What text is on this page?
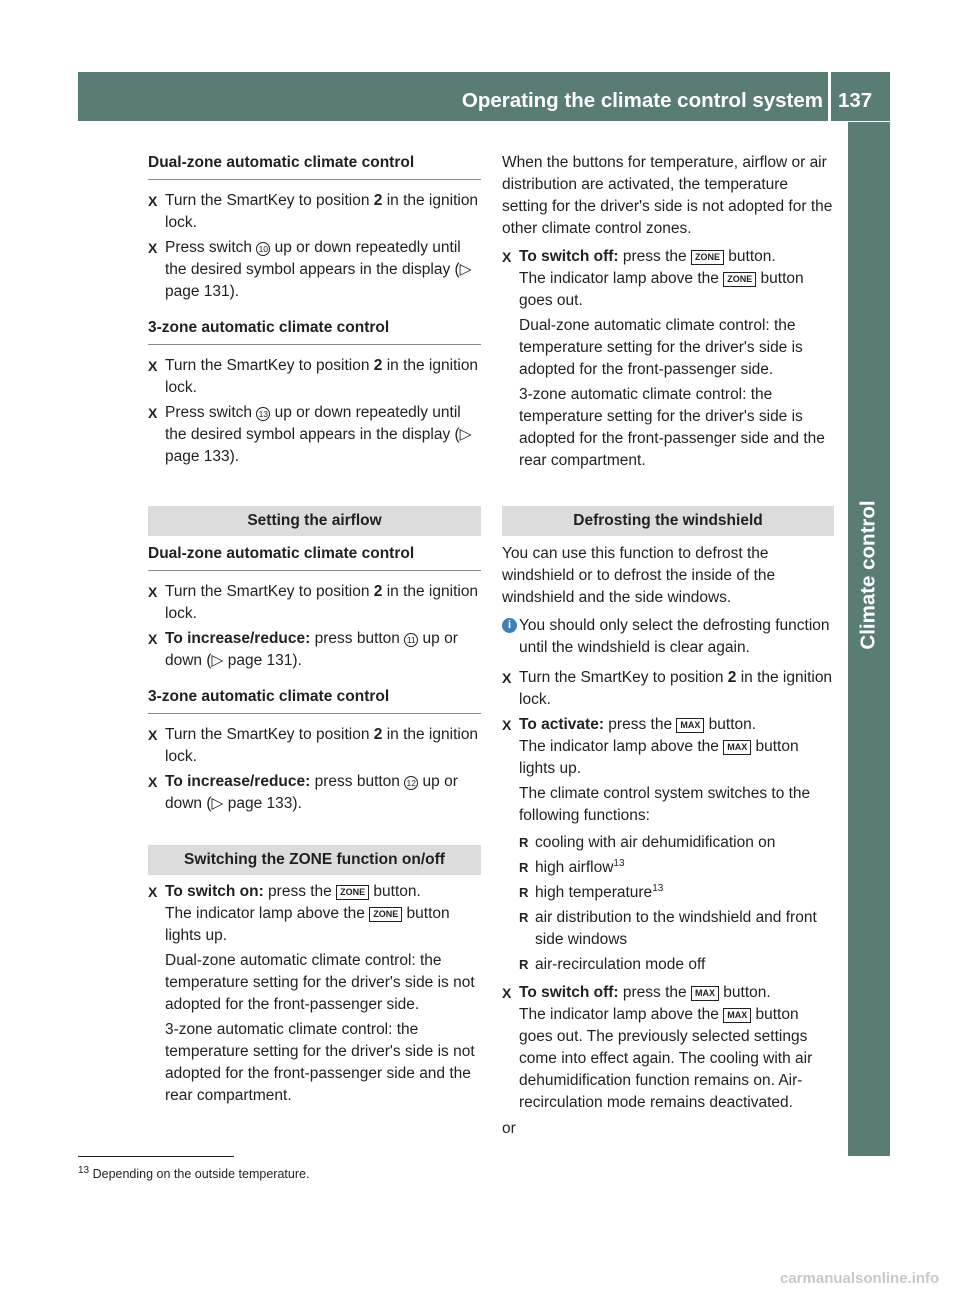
Operating the climate control system 137
Climate control
Dual-zone automatic climate control
X Turn the SmartKey to position 2 in the ignition lock.
X Press switch 10 up or down repeatedly until the desired symbol appears in the display (▷ page 131).
3-zone automatic climate control
X Turn the SmartKey to position 2 in the ignition lock.
X Press switch 13 up or down repeatedly until the desired symbol appears in the display (▷ page 133).
Setting the airflow
Dual-zone automatic climate control
X Turn the SmartKey to position 2 in the ignition lock.
X To increase/reduce: press button 11 up or down (▷ page 131).
3-zone automatic climate control
X Turn the SmartKey to position 2 in the ignition lock.
X To increase/reduce: press button 12 up or down (▷ page 133).
Switching the ZONE function on/off
X To switch on: press the ZONE button.
The indicator lamp above the ZONE button lights up.
Dual-zone automatic climate control: the temperature setting for the driver's side is not adopted for the front-passenger side.
3-zone automatic climate control: the temperature setting for the driver's side is not adopted for the front-passenger side and the rear compartment.
When the buttons for temperature, airflow or air distribution are activated, the temperature setting for the driver's side is not adopted for the other climate control zones.
X To switch off: press the ZONE button.
The indicator lamp above the ZONE button goes out.
Dual-zone automatic climate control: the temperature setting for the driver's side is adopted for the front-passenger side.
3-zone automatic climate control: the temperature setting for the driver's side is adopted for the front-passenger side and the rear compartment.
Defrosting the windshield
You can use this function to defrost the windshield or to defrost the inside of the windshield and the side windows.
i You should only select the defrosting function until the windshield is clear again.
X Turn the SmartKey to position 2 in the ignition lock.
X To activate: press the MAX button.
The indicator lamp above the MAX button lights up.
The climate control system switches to the following functions:
R cooling with air dehumidification on
R high airflow$^{13}$
R high temperature$^{13}$
R air distribution to the windshield and front side windows
R air-recirculation mode off
X To switch off: press the MAX button.
The indicator lamp above the MAX button goes out. The previously selected settings come into effect again. The cooling with air dehumidification function remains on. Air-recirculation mode remains deactivated.
or
$^{13}$ Depending on the outside temperature.
carmanualsonline.info
